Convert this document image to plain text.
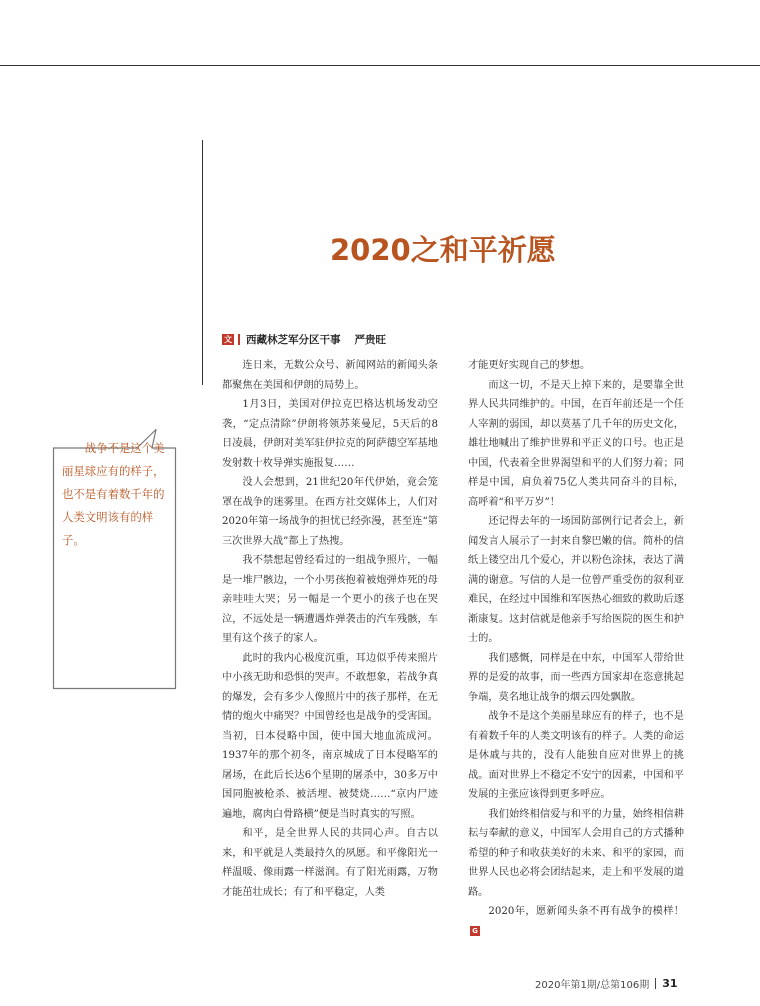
2020之和平祈愿
文 西藏林芝军分区干事 严贵旺

连日来，无数公众号、新闻网站的新闻头条都聚焦在美国和伊朗的局势上。

1月3日，美国对伊拉克巴格达机场发动空袭，“定点清除”伊朗将领苏莱曼尼，5天后的8日凌晨，伊朗对美军驻伊拉克的阿萨德空军基地发射数十枚导弹实施报复……

没人会想到，21世纪20年代伊始，竟会笼罩在战争的迷雾里。在西方社交媒体上，人们对2020年第一场战争的担忧已经弥漫，甚至连“第三次世界大战”都上了热搜。

我不禁想起曾经看过的一组战争照片，一幅是一堆尸骸边，一个小男孩抱着被炮弹炸死的母亲哇哇大哭；另一幅是一个更小的孩子也在哭泣，不远处是一辆遭遇炸弹袭击的汽车残骸，车里有这个孩子的家人。

此时的我内心极度沉重，耳边似乎传来照片中小孩无助和恐惧的哭声。不敢想象，若战争真的爆发，会有多少人像照片中的孩子那样，在无情的炮火中痛哭？中国曾经也是战争的受害国。当初，日本侵略中国，使中国大地血流成河。1937年的那个初冬，南京城成了日本侵略军的屠场，在此后长达6个星期的屠杀中，30多万中国同胞被枪杀、被活埋、被焚烧……“京内尸迹遍地，腐肉白骨路横”便是当时真实的写照。

和平，是全世界人民的共同心声。自古以来，和平就是人类最持久的夙愿。和平像阳光一样温暖、像雨露一样滋润。有了阳光雨露，万物才能茁壮成长；有了和平稳定，人类

才能更好实现自己的梦想。

而这一切，不是天上掉下来的，是要靠全世界人民共同维护的。中国，在百年前还是一个任人宰割的弱国，却以莫基了几千年的历史文化，雄壮地喊出了维护世界和平正义的口号。也正是中国，代表着全世界渴望和平的人们努力着；同样是中国，肩负着75亿人类共同奋斗的目标，高呼着“和平万岁”！

还记得去年的一场国防部例行记者会上，新闻发言人展示了一封来自黎巴嫩的信。简朴的信纸上镂空出几个爱心，并以粉色涂抹，表达了满满的谢意。写信的人是一位曾严重受伤的叙利亚难民，在经过中国维和军医热心细致的救助后逐渐康复。这封信就是他亲手写给医院的医生和护士的。

我们感慨，同样是在中东，中国军人带给世界的是爱的故事，而一些西方国家却在恣意挑起争端，莫名地让战争的烟云四处飘散。

战争不是这个美丽星球应有的样子，也不是有着数千年的人类文明该有的样子。人类的命运是休戚与共的，没有人能独自应对世界上的挑战。面对世界上不稳定不安宁的因素，中国和平发展的主张应该得到更多呼应。

我们始终相信爱与和平的力量，始终相信耕耘与奉献的意义，中国军人会用自己的方式播种希望的种子和收获美好的未来、和平的家园，而世界人民也必将会团结起来，走上和平发展的道路。

2020年，愿新闻头条不再有战争的模样！G

战争不是这个美丽星球应有的样子，也不是有着数千年的人类文明该有的样子。
2020年第1期/总第106期 31
